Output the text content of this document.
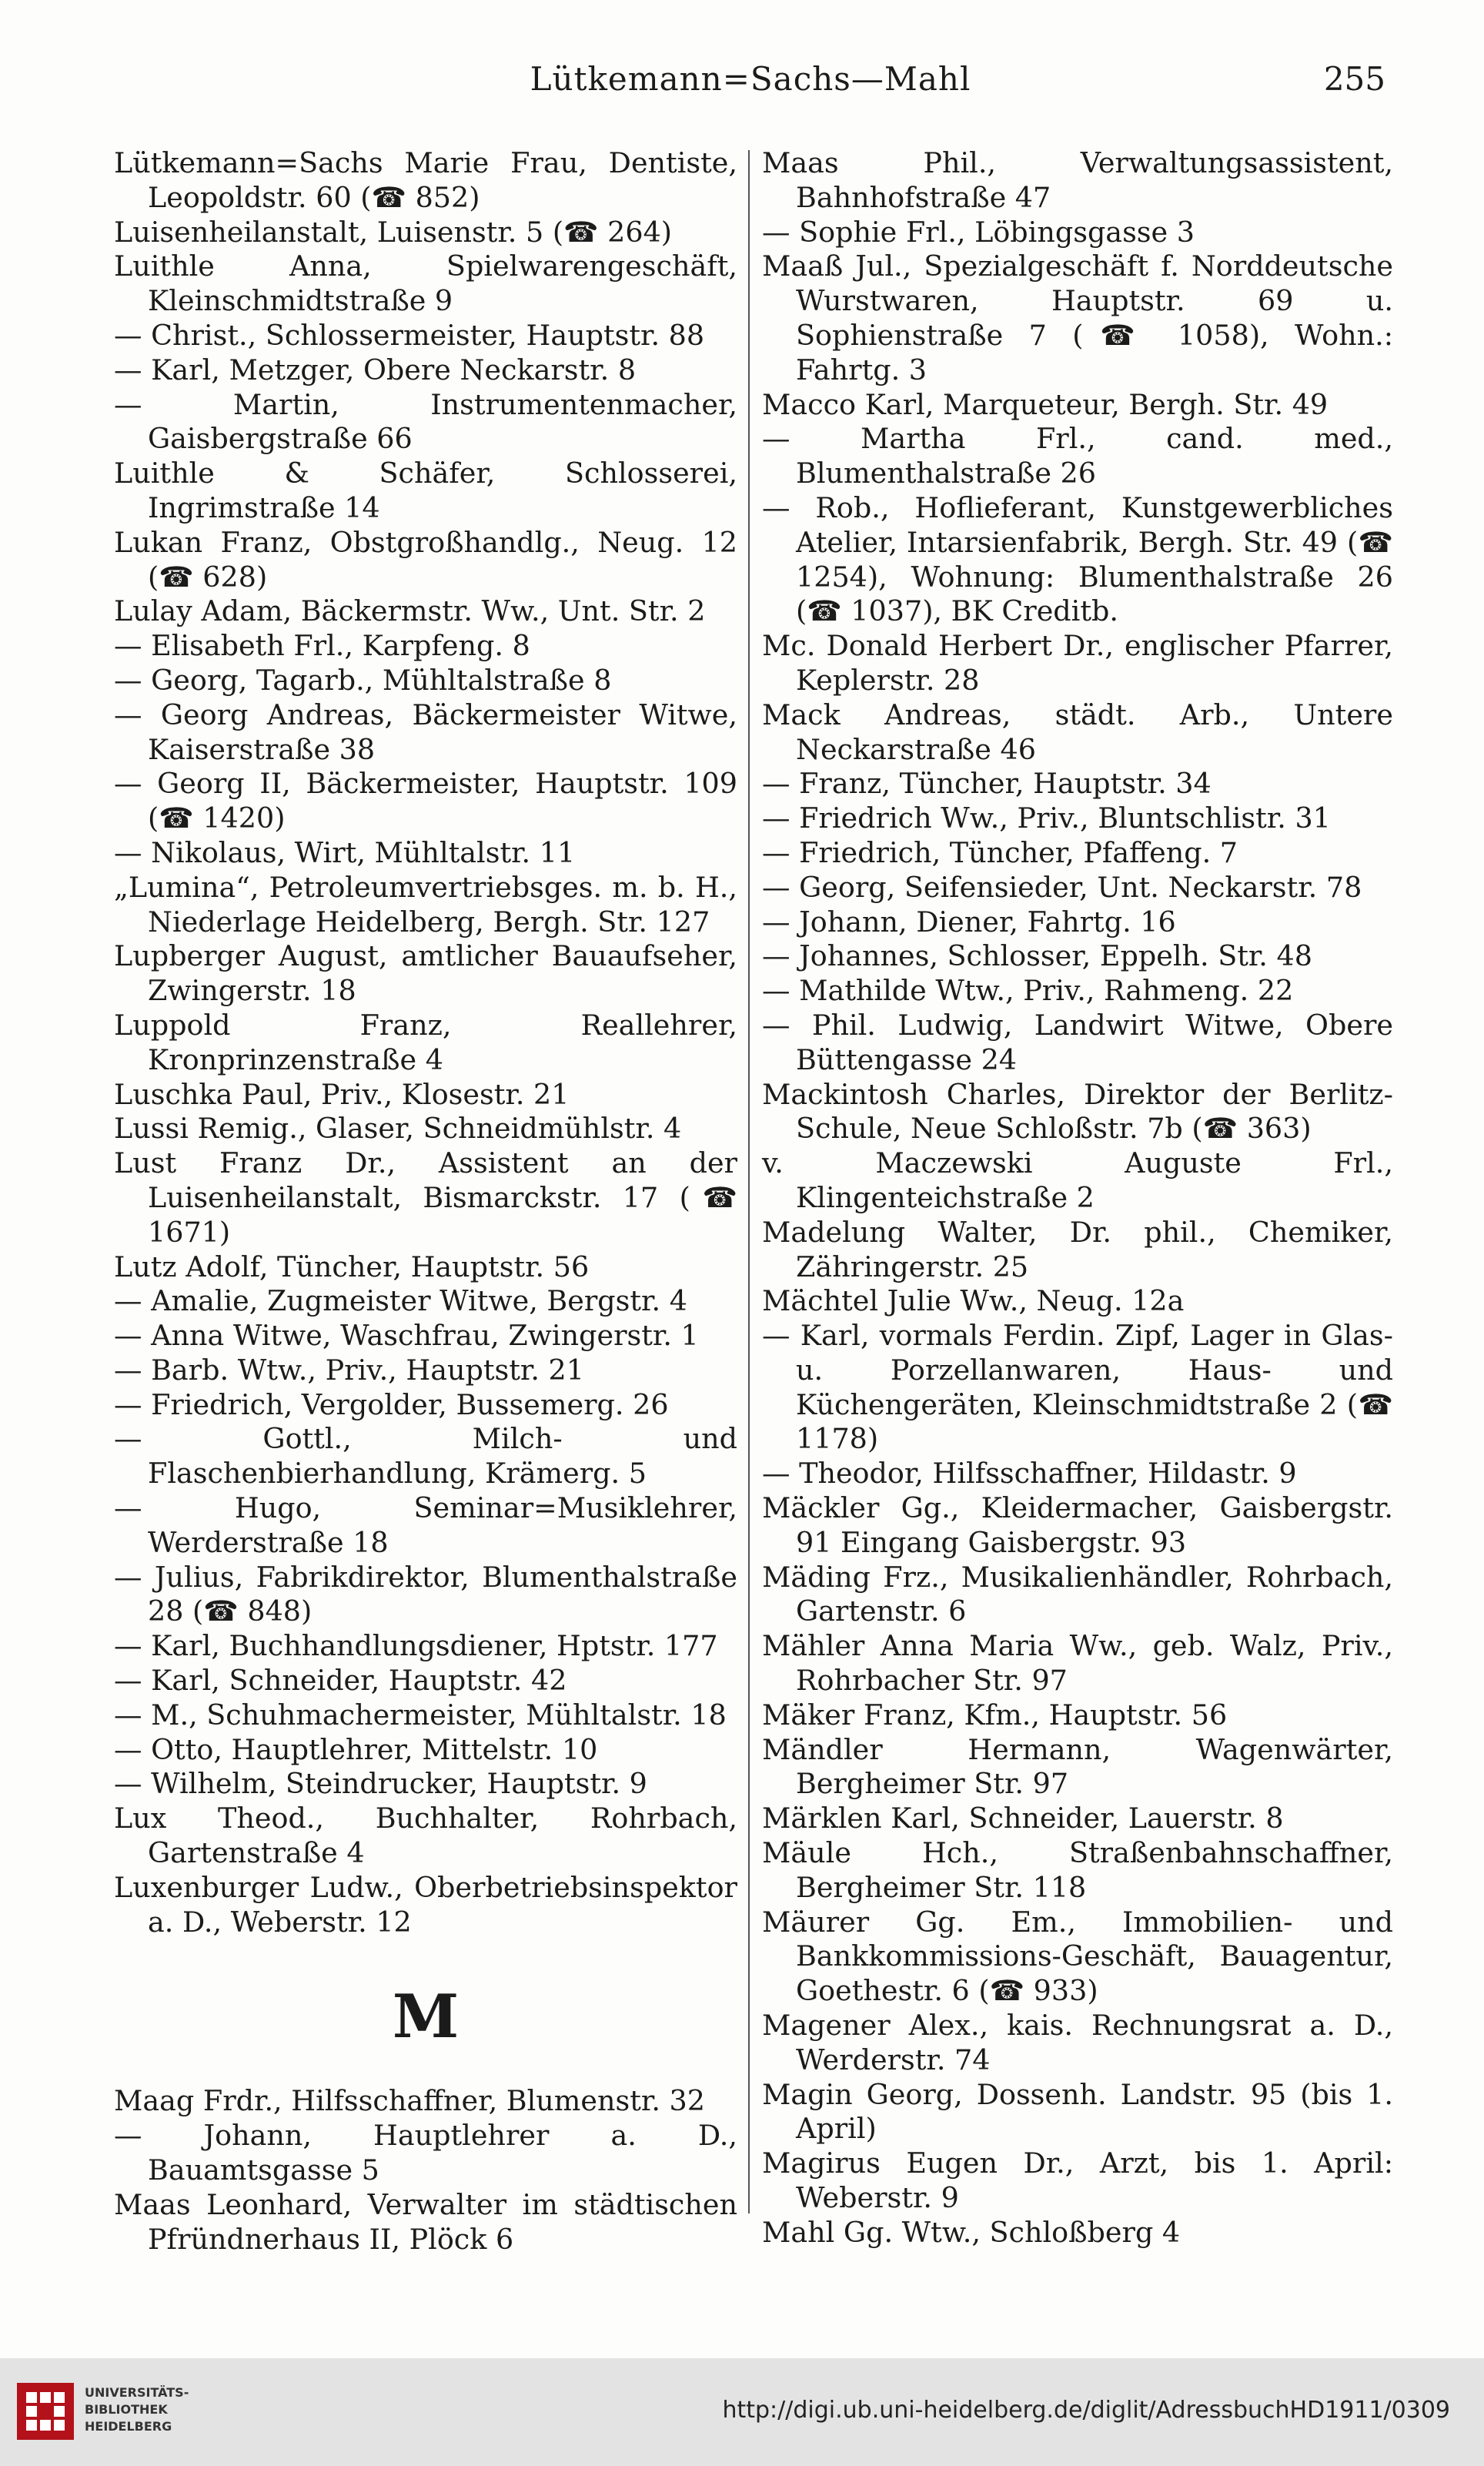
Lütkemann=Sachs—Mahl	255
Lütkemann=Sachs Marie Frau, Dentiste, Leopoldstr. 60 (☎ 852)
Luisenheilanstalt, Luisenstr. 5 (☎ 264)
Luithle Anna, Spielwarengeschäft, Kleinschmidtstraße 9
— Christ., Schlossermeister, Hauptstr. 88
— Karl, Metzger, Obere Neckarstr. 8
— Martin, Instrumentenmacher, Gaisbergstraße 66
Luithle & Schäfer, Schlosserei, Ingrimstraße 14
Lukan Franz, Obstgroßhandlg., Neug. 12 (☎ 628)
Lulay Adam, Bäckermstr. Ww., Unt. Str. 2
— Elisabeth Frl., Karpfeng. 8
— Georg, Tagarb., Mühltalstraße 8
— Georg Andreas, Bäckermeister Witwe, Kaiserstraße 38
— Georg II, Bäckermeister, Hauptstr. 109 (☎ 1420)
— Nikolaus, Wirt, Mühltalstr. 11
„Lumina“, Petroleumvertriebsges. m. b. H., Niederlage Heidelberg, Bergh. Str. 127
Lupberger August, amtlicher Bauaufseher, Zwingerstr. 18
Luppold Franz, Reallehrer, Kronprinzenstraße 4
Luschka Paul, Priv., Klosestr. 21
Lussi Remig., Glaser, Schneidmühlstr. 4
Lust Franz Dr., Assistent an der Luisenheilanstalt, Bismarckstr. 17 (☎ 1671)
Lutz Adolf, Tüncher, Hauptstr. 56
— Amalie, Zugmeister Witwe, Bergstr. 4
— Anna Witwe, Waschfrau, Zwingerstr. 1
— Barb. Wtw., Priv., Hauptstr. 21
— Friedrich, Vergolder, Bussemerg. 26
— Gottl., Milch- und Flaschenbierhandlung, Krämerg. 5
— Hugo, Seminar=Musiklehrer, Werderstraße 18
— Julius, Fabrikdirektor, Blumenthalstraße 28 (☎ 848)
— Karl, Buchhandlungsdiener, Hptstr. 177
— Karl, Schneider, Hauptstr. 42
— M., Schuhmachermeister, Mühltalstr. 18
— Otto, Hauptlehrer, Mittelstr. 10
— Wilhelm, Steindrucker, Hauptstr. 9
Lux Theod., Buchhalter, Rohrbach, Gartenstraße 4
Luxenburger Ludw., Oberbetriebsinspektor a. D., Weberstr. 12
M
Maag Frdr., Hilfsschaffner, Blumenstr. 32
— Johann, Hauptlehrer a. D., Bauamtsgasse 5
Maas Leonhard, Verwalter im städtischen Pfründnerhaus II, Plöck 6
Maas Phil., Verwaltungsassistent, Bahnhofstraße 47
— Sophie Frl., Löbingsgasse 3
Maaß Jul., Spezialgeschäft f. Norddeutsche Wurstwaren, Hauptstr. 69 u. Sophienstraße 7 (☎ 1058), Wohn.: Fahrtg. 3
Macco Karl, Marqueteur, Bergh. Str. 49
— Martha Frl., cand. med., Blumenthalstraße 26
— Rob., Hoflieferant, Kunstgewerbliches Atelier, Intarsienfabrik, Bergh. Str. 49 (☎ 1254), Wohnung: Blumenthalstraße 26 (☎ 1037), BK Creditb.
Mc. Donald Herbert Dr., englischer Pfarrer, Keplerstr. 28
Mack Andreas, städt. Arb., Untere Neckarstraße 46
— Franz, Tüncher, Hauptstr. 34
— Friedrich Ww., Priv., Bluntschlistr. 31
— Friedrich, Tüncher, Pfaffeng. 7
— Georg, Seifensieder, Unt. Neckarstr. 78
— Johann, Diener, Fahrtg. 16
— Johannes, Schlosser, Eppelh. Str. 48
— Mathilde Wtw., Priv., Rahmeng. 22
— Phil. Ludwig, Landwirt Witwe, Obere Büttengasse 24
Mackintosh Charles, Direktor der Berlitz-Schule, Neue Schloßstr. 7b (☎ 363)
v. Maczewski Auguste Frl., Klingenteichstraße 2
Madelung Walter, Dr. phil., Chemiker, Zähringerstr. 25
Mächtel Julie Ww., Neug. 12a
— Karl, vormals Ferdin. Zipf, Lager in Glas- u. Porzellanwaren, Haus- und Küchengeräten, Kleinschmidtstraße 2 (☎ 1178)
— Theodor, Hilfsschaffner, Hildastr. 9
Mäckler Gg., Kleidermacher, Gaisbergstr. 91 Eingang Gaisbergstr. 93
Mäding Frz., Musikalienhändler, Rohrbach, Gartenstr. 6
Mähler Anna Maria Ww., geb. Walz, Priv., Rohrbacher Str. 97
Mäker Franz, Kfm., Hauptstr. 56
Mändler Hermann, Wagenwärter, Bergheimer Str. 97
Märklen Karl, Schneider, Lauerstr. 8
Mäule Hch., Straßenbahnschaffner, Bergheimer Str. 118
Mäurer Gg. Em., Immobilien- und Bankkommissions-Geschäft, Bauagentur, Goethestr. 6 (☎ 933)
Magener Alex., kais. Rechnungsrat a. D., Werderstr. 74
Magin Georg, Dossenh. Landstr. 95 (bis 1. April)
Magirus Eugen Dr., Arzt, bis 1. April: Weberstr. 9
Mahl Gg. Wtw., Schloßberg 4
UNIVERSITÄTS-
BIBLIOTHEK
HEIDELBERG
http://digi.ub.uni-heidelberg.de/diglit/AdressbuchHD1911/0309
